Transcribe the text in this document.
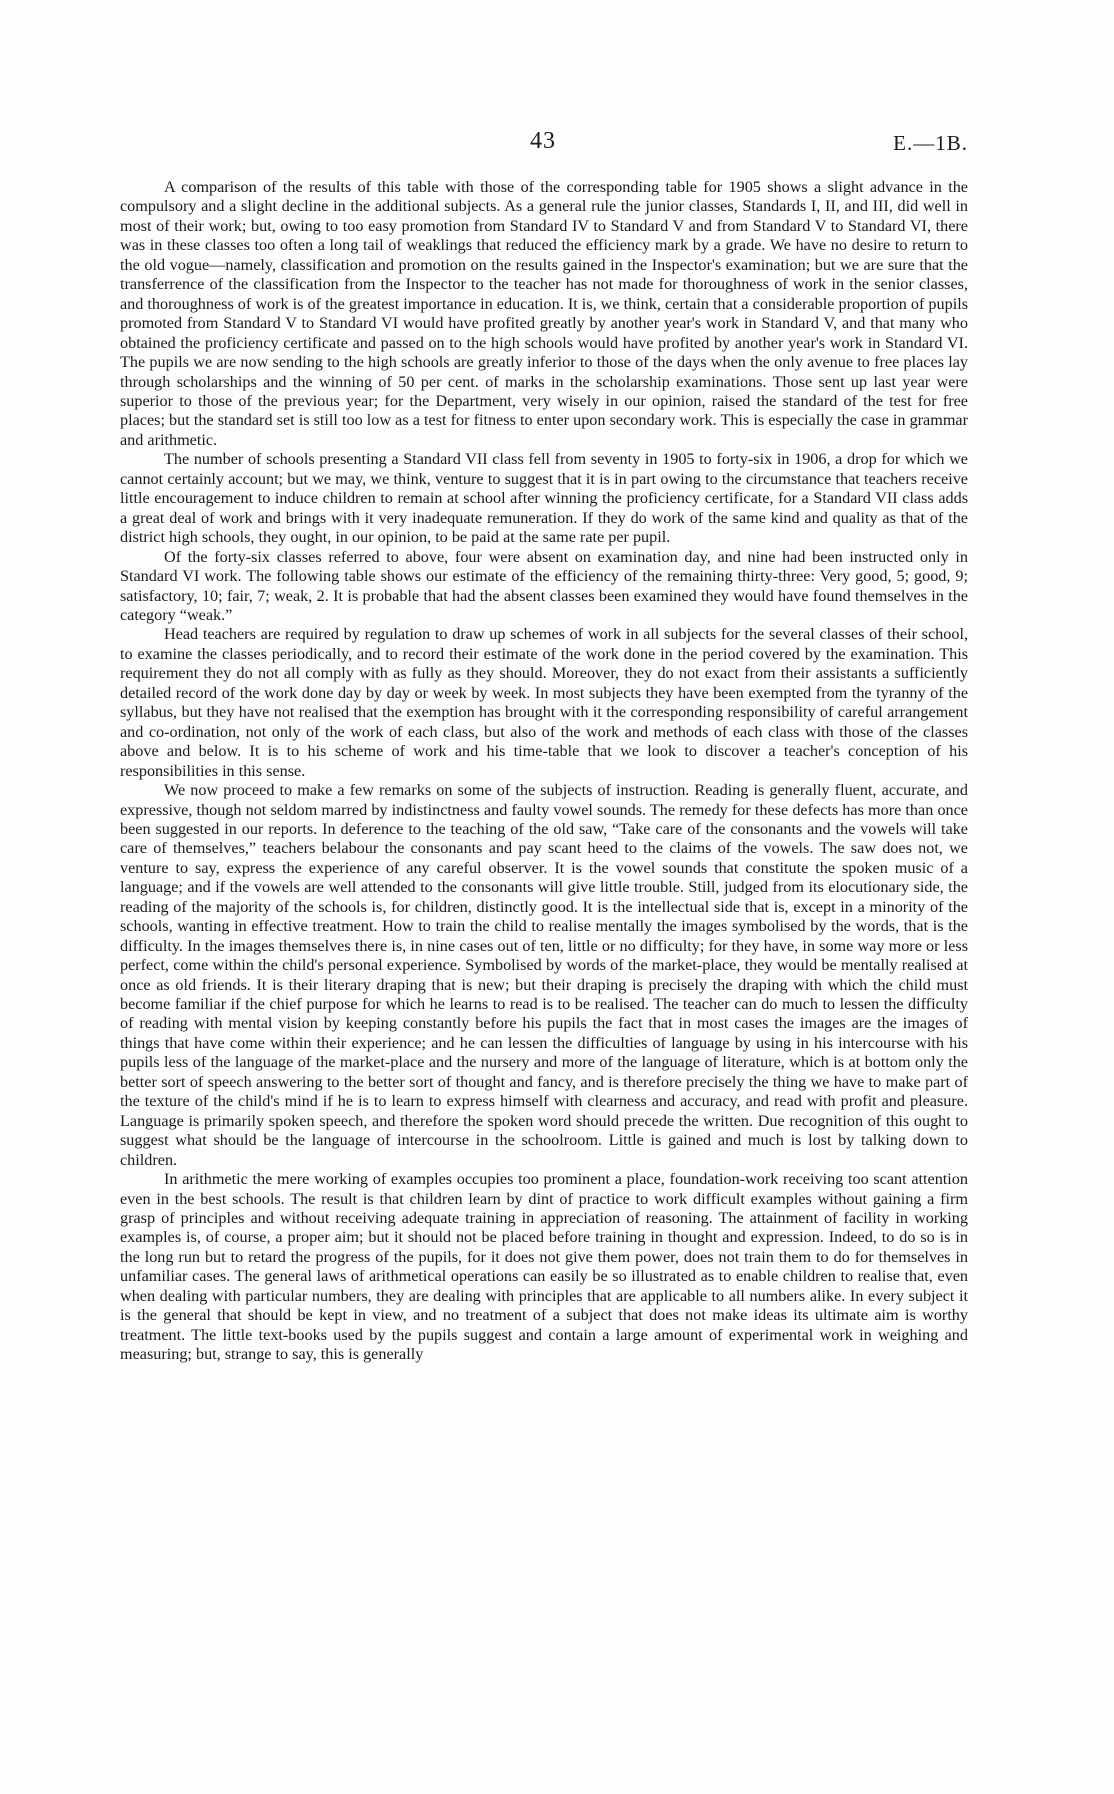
43	E.—1B.

A comparison of the results of this table with those of the corresponding table for 1905 shows a slight advance in the compulsory and a slight decline in the additional subjects. As a general rule the junior classes, Standards I, II, and III, did well in most of their work; but, owing to too easy promotion from Standard IV to Standard V and from Standard V to Standard VI, there was in these classes too often a long tail of weaklings that reduced the efficiency mark by a grade. We have no desire to return to the old vogue—namely, classification and promotion on the results gained in the Inspector's examination; but we are sure that the transferrence of the classification from the Inspector to the teacher has not made for thoroughness of work in the senior classes, and thoroughness of work is of the greatest importance in education. It is, we think, certain that a considerable proportion of pupils promoted from Standard V to Standard VI would have profited greatly by another year's work in Standard V, and that many who obtained the proficiency certificate and passed on to the high schools would have profited by another year's work in Standard VI. The pupils we are now sending to the high schools are greatly inferior to those of the days when the only avenue to free places lay through scholarships and the winning of 50 per cent. of marks in the scholarship examinations. Those sent up last year were superior to those of the previous year; for the Department, very wisely in our opinion, raised the standard of the test for free places; but the standard set is still too low as a test for fitness to enter upon secondary work. This is especially the case in grammar and arithmetic.

The number of schools presenting a Standard VII class fell from seventy in 1905 to forty-six in 1906, a drop for which we cannot certainly account; but we may, we think, venture to suggest that it is in part owing to the circumstance that teachers receive little encouragement to induce children to remain at school after winning the proficiency certificate, for a Standard VII class adds a great deal of work and brings with it very inadequate remuneration. If they do work of the same kind and quality as that of the district high schools, they ought, in our opinion, to be paid at the same rate per pupil.

Of the forty-six classes referred to above, four were absent on examination day, and nine had been instructed only in Standard VI work. The following table shows our estimate of the efficiency of the remaining thirty-three: Very good, 5; good, 9; satisfactory, 10; fair, 7; weak, 2. It is probable that had the absent classes been examined they would have found themselves in the category “weak.”

Head teachers are required by regulation to draw up schemes of work in all subjects for the several classes of their school, to examine the classes periodically, and to record their estimate of the work done in the period covered by the examination. This requirement they do not all comply with as fully as they should. Moreover, they do not exact from their assistants a sufficiently detailed record of the work done day by day or week by week. In most subjects they have been exempted from the tyranny of the syllabus, but they have not realised that the exemption has brought with it the corresponding responsibility of careful arrangement and co-ordination, not only of the work of each class, but also of the work and methods of each class with those of the classes above and below. It is to his scheme of work and his time-table that we look to discover a teacher's conception of his responsibilities in this sense.

We now proceed to make a few remarks on some of the subjects of instruction. Reading is generally fluent, accurate, and expressive, though not seldom marred by indistinctness and faulty vowel sounds. The remedy for these defects has more than once been suggested in our reports. In deference to the teaching of the old saw, “Take care of the consonants and the vowels will take care of themselves,” teachers belabour the consonants and pay scant heed to the claims of the vowels. The saw does not, we venture to say, express the experience of any careful observer. It is the vowel sounds that constitute the spoken music of a language; and if the vowels are well attended to the consonants will give little trouble. Still, judged from its elocutionary side, the reading of the majority of the schools is, for children, distinctly good. It is the intellectual side that is, except in a minority of the schools, wanting in effective treatment. How to train the child to realise mentally the images symbolised by the words, that is the difficulty. In the images themselves there is, in nine cases out of ten, little or no difficulty; for they have, in some way more or less perfect, come within the child's personal experience. Symbolised by words of the market-place, they would be mentally realised at once as old friends. It is their literary draping that is new; but their draping is precisely the draping with which the child must become familiar if the chief purpose for which he learns to read is to be realised. The teacher can do much to lessen the difficulty of reading with mental vision by keeping constantly before his pupils the fact that in most cases the images are the images of things that have come within their experience; and he can lessen the difficulties of language by using in his intercourse with his pupils less of the language of the market-place and the nursery and more of the language of literature, which is at bottom only the better sort of speech answering to the better sort of thought and fancy, and is therefore precisely the thing we have to make part of the texture of the child's mind if he is to learn to express himself with clearness and accuracy, and read with profit and pleasure. Language is primarily spoken speech, and therefore the spoken word should precede the written. Due recognition of this ought to suggest what should be the language of intercourse in the schoolroom. Little is gained and much is lost by talking down to children.

In arithmetic the mere working of examples occupies too prominent a place, foundation-work receiving too scant attention even in the best schools. The result is that children learn by dint of practice to work difficult examples without gaining a firm grasp of principles and without receiving adequate training in appreciation of reasoning. The attainment of facility in working examples is, of course, a proper aim; but it should not be placed before training in thought and expression. Indeed, to do so is in the long run but to retard the progress of the pupils, for it does not give them power, does not train them to do for themselves in unfamiliar cases. The general laws of arithmetical operations can easily be so illustrated as to enable children to realise that, even when dealing with particular numbers, they are dealing with principles that are applicable to all numbers alike. In every subject it is the general that should be kept in view, and no treatment of a subject that does not make ideas its ultimate aim is worthy treatment. The little text-books used by the pupils suggest and contain a large amount of experimental work in weighing and measuring; but, strange to say, this is generally
